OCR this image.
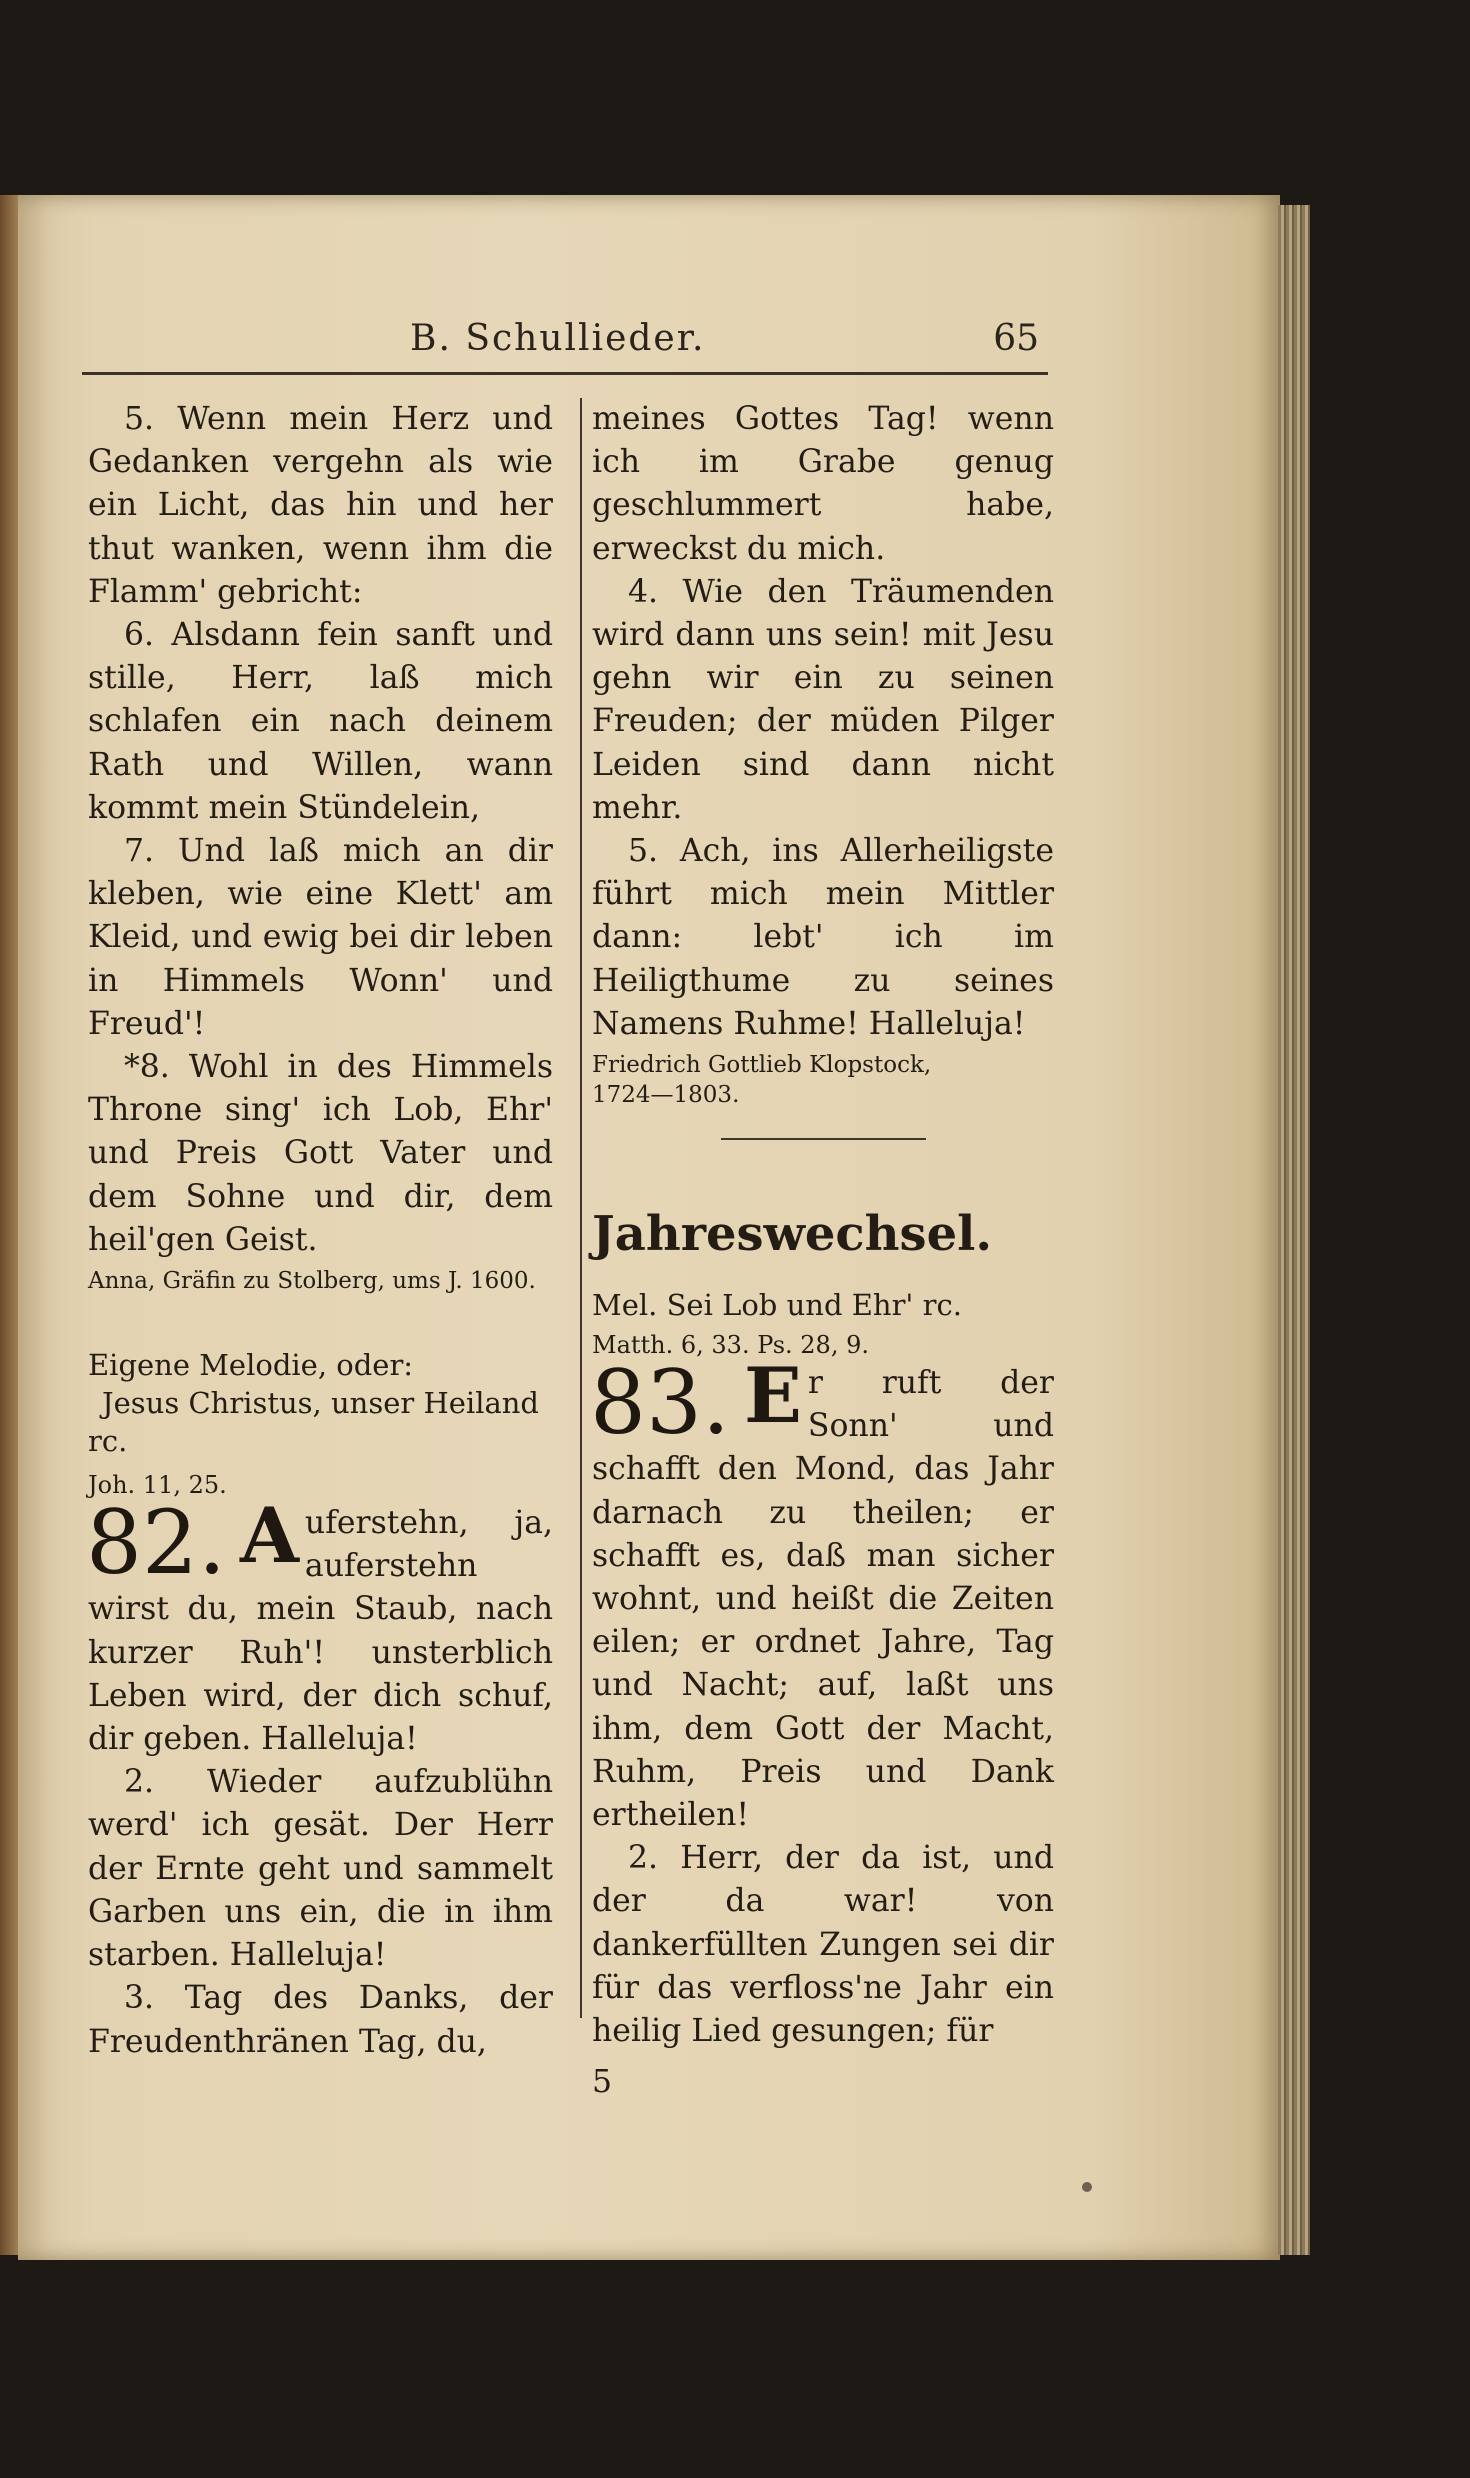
B. Schullieder.	65

5. Wenn mein Herz und Gedanken vergehn als wie ein Licht, das hin und her thut wanken, wenn ihm die Flamm' gebricht:

6. Alsdann fein sanft und stille, Herr, laß mich schlafen ein nach deinem Rath und Willen, wann kommt mein Stündelein,

7. Und laß mich an dir kleben, wie eine Klett' am Kleid, und ewig bei dir leben in Himmels Wonn' und Freud'!

*8. Wohl in des Himmels Throne sing' ich Lob, Ehr' und Preis Gott Vater und dem Sohne und dir, dem heil'gen Geist.

Anna, Gräfin zu Stolberg, ums J. 1600.

Eigene Melodie, oder:

Jesus Christus, unser Heiland rc.

Joh. 11, 25.

82. A uferstehn, ja, auferstehn wirst du, mein Staub, nach kurzer Ruh'! unsterblich Leben wird, der dich schuf, dir geben. Halleluja!

2. Wieder aufzublühn werd' ich gesät. Der Herr der Ernte geht und sammelt Garben uns ein, die in ihm starben. Halleluja!

3. Tag des Danks, der Freudenthränen Tag, du,

meines Gottes Tag! wenn ich im Grabe genug geschlummert habe, erweckst du mich.

4. Wie den Träumenden wird dann uns sein! mit Jesu gehn wir ein zu seinen Freuden; der müden Pilger Leiden sind dann nicht mehr.

5. Ach, ins Allerheiligste führt mich mein Mittler dann: lebt' ich im Heiligthume zu seines Namens Ruhme! Halleluja!

Friedrich Gottlieb Klopstock,

1724—1803.

Jahreswechsel.

Mel. Sei Lob und Ehr' rc.

Matth. 6, 33. Ps. 28, 9.

83. E r ruft der Sonn' und schafft den Mond, das Jahr darnach zu theilen; er schafft es, daß man sicher wohnt, und heißt die Zeiten eilen; er ordnet Jahre, Tag und Nacht; auf, laßt uns ihm, dem Gott der Macht, Ruhm, Preis und Dank ertheilen!

2. Herr, der da ist, und der da war! von dankerfüllten Zungen sei dir für das verfloss'ne Jahr ein heilig Lied gesungen; für

5
